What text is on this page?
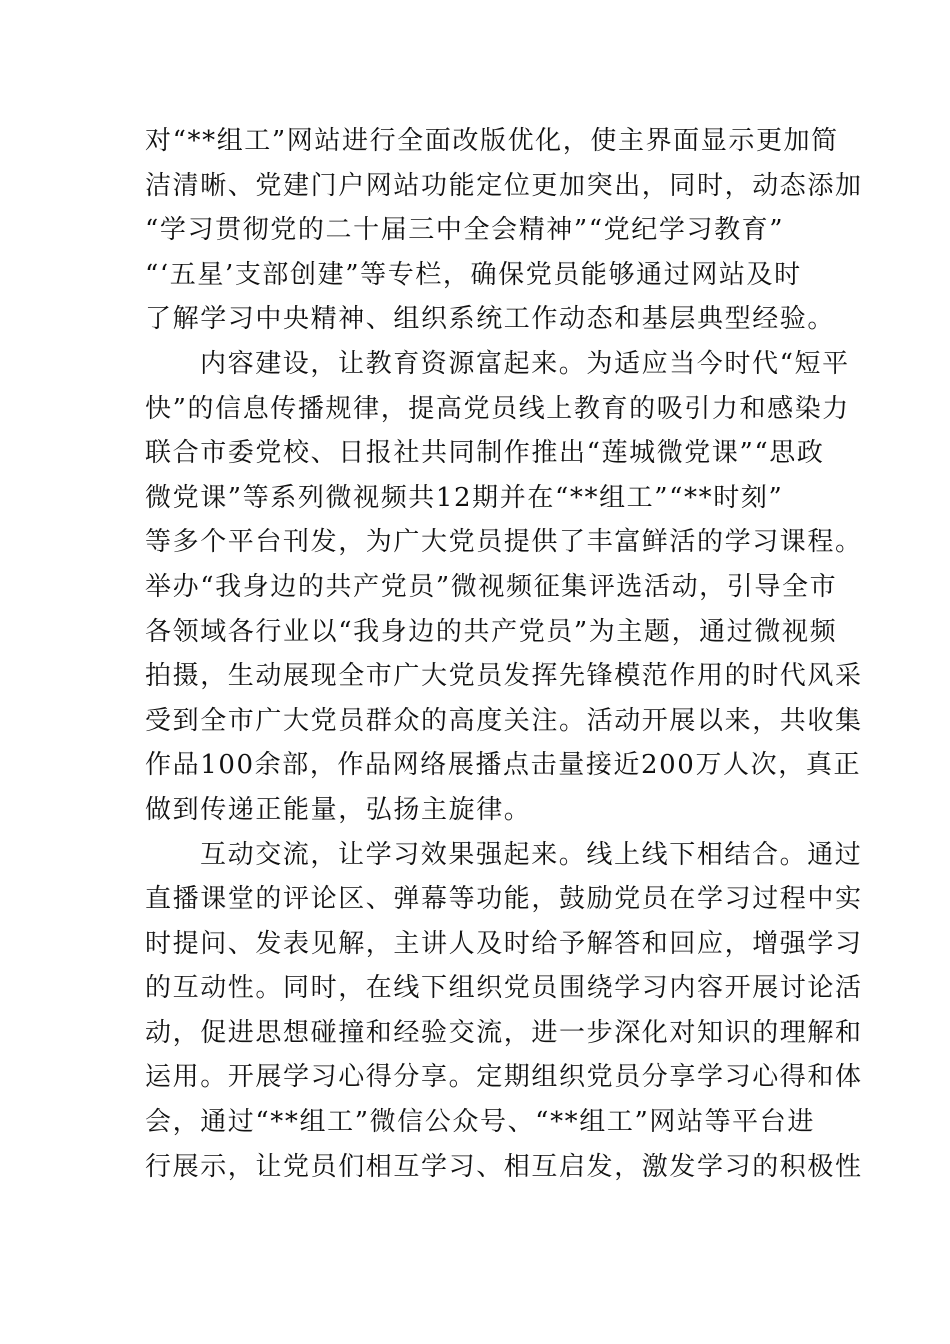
对“**组工”网站进行全面改版优化，使主界面显示更加简
洁清晰、党建门户网站功能定位更加突出，同时，动态添加
“学习贯彻党的二十届三中全会精神”“党纪学习教育”
“‘五星’支部创建”等专栏，确保党员能够通过网站及时
了解学习中央精神、组织系统工作动态和基层典型经验。

内容建设，让教育资源富起来。为适应当今时代“短平
快”的信息传播规律，提高党员线上教育的吸引力和感染力
联合市委党校、日报社共同制作推出“莲城微党课”“思政
微党课”等系列微视频共12期并在“**组工”“**时刻”
等多个平台刊发，为广大党员提供了丰富鲜活的学习课程。
举办“我身边的共产党员”微视频征集评选活动，引导全市
各领域各行业以“我身边的共产党员”为主题，通过微视频
拍摄，生动展现全市广大党员发挥先锋模范作用的时代风采
受到全市广大党员群众的高度关注。活动开展以来，共收集
作品100余部，作品网络展播点击量接近200万人次，真正
做到传递正能量，弘扬主旋律。

互动交流，让学习效果强起来。线上线下相结合。通过
直播课堂的评论区、弹幕等功能，鼓励党员在学习过程中实
时提问、发表见解，主讲人及时给予解答和回应，增强学习
的互动性。同时，在线下组织党员围绕学习内容开展讨论活
动，促进思想碰撞和经验交流，进一步深化对知识的理解和
运用。开展学习心得分享。定期组织党员分享学习心得和体
会，通过“**组工”微信公众号、“**组工”网站等平台进
行展示，让党员们相互学习、相互启发，激发学习的积极性
